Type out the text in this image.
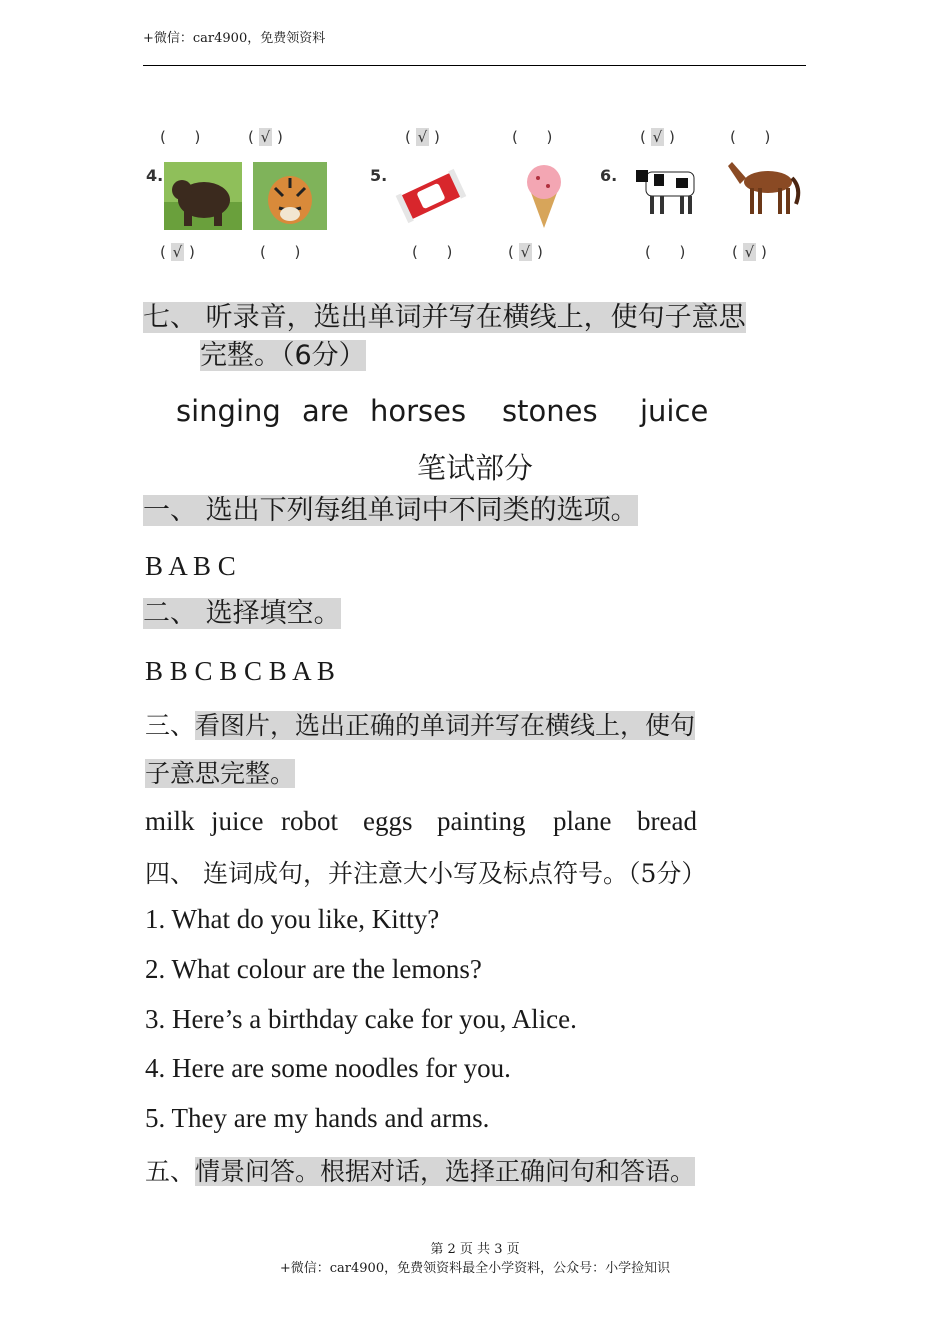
+微信：car4900，免费领资料
(      )	( √ )	( √ )	(      )	( √ )	(      )
4.	5.	6.
( √ )	(      )	(      )	( √ )	(      )	( √ )
七、 听录音，选出单词并写在横线上，使句子意思
完整。（6分）
singing are horses stones juice
笔试部分
一、 选出下列每组单词中不同类的选项。
B A B C
二、 选择填空。
B B C B C B A B
三、看图片，选出正确的单词并写在横线上，使句
子意思完整。
milk juice robot eggs painting plane bread
四、 连词成句，并注意大小写及标点符号。（5分）
1. What do you like, Kitty?
2. What colour are the lemons?
3. Here’s a birthday cake for you, Alice.
4. Here are some noodles for you.
5. They are my hands and arms.
五、情景问答。根据对话，选择正确问句和答语。
第 2 页 共 3 页
+微信：car4900，免费领资料最全小学资料，公众号：小学捡知识
